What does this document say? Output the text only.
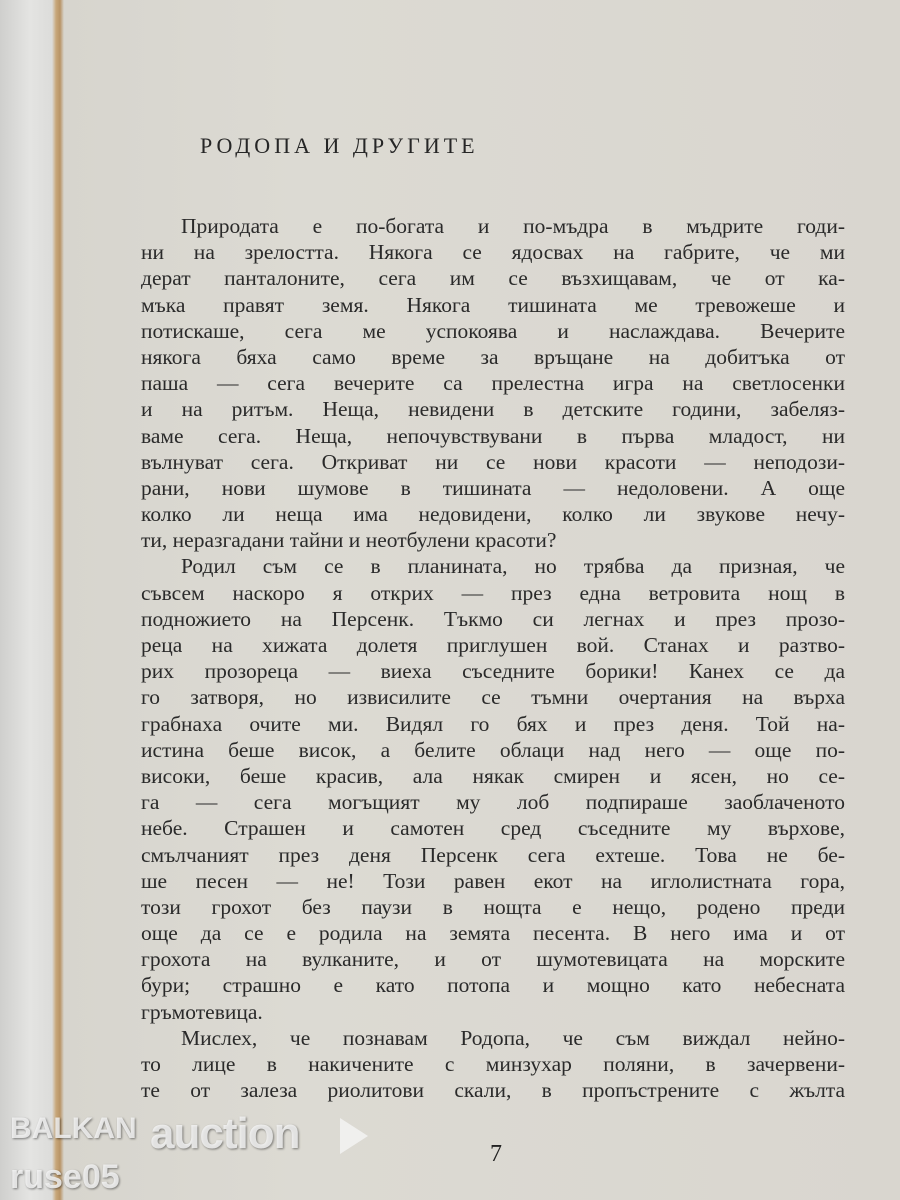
РОДОПА И ДРУГИТЕ
Природата е по-богата и по-мъдра в мъдрите годи-
ни на зрелостта. Някога се ядосвах на габрите, че ми
дерат панталоните, сега им се възхищавам, че от ка-
мъка правят земя. Някога тишината ме тревожеше и
потискаше, сега ме успокоява и наслаждава. Вечерите
някога бяха само време за връщане на добитъка от
паша — сега вечерите са прелестна игра на светлосенки
и на ритъм. Неща, невидени в детските години, забеляз-
ваме сега. Неща, непочувствувани в първа младост, ни
вълнуват сега. Откриват ни се нови красоти — неподози-
рани, нови шумове в тишината — недоловени. А още
колко ли неща има недовидени, колко ли звукове нечу-
ти, неразгадани тайни и неотбулени красоти?
Родил съм се в планината, но трябва да призная, че
съвсем наскоро я открих — през една ветровита нощ в
подножието на Персенк. Тъкмо си легнах и през прозо-
реца на хижата долетя приглушен вой. Станах и разтво-
рих прозореца — виеха съседните борики! Канех се да
го затворя, но извисилите се тъмни очертания на върха
грабнаха очите ми. Видял го бях и през деня. Той на-
истина беше висок, а белите облаци над него — още по-
високи, беше красив, ала някак смирен и ясен, но се-
га — сега могъщият му лоб подпираше заоблаченото
небе. Страшен и самотен сред съседните му върхове,
смълчаният през деня Персенк сега ехтеше. Това не бе-
ше песен — не! Този равен екот на иглолистната гора,
този грохот без паузи в нощта е нещо, родено преди
още да се е родила на земята песента. В него има и от
грохота на вулканите, и от шумотевицата на морските
бури; страшно е като потопа и мощно като небесната
гръмотевица.
Мислех, че познавам Родопа, че съм виждал нейно-
то лице в накичените с минзухар поляни, в зачервени-
те от залеза риолитови скали, в пропъстрените с жълта
7
BALKAN auction
ruse05
